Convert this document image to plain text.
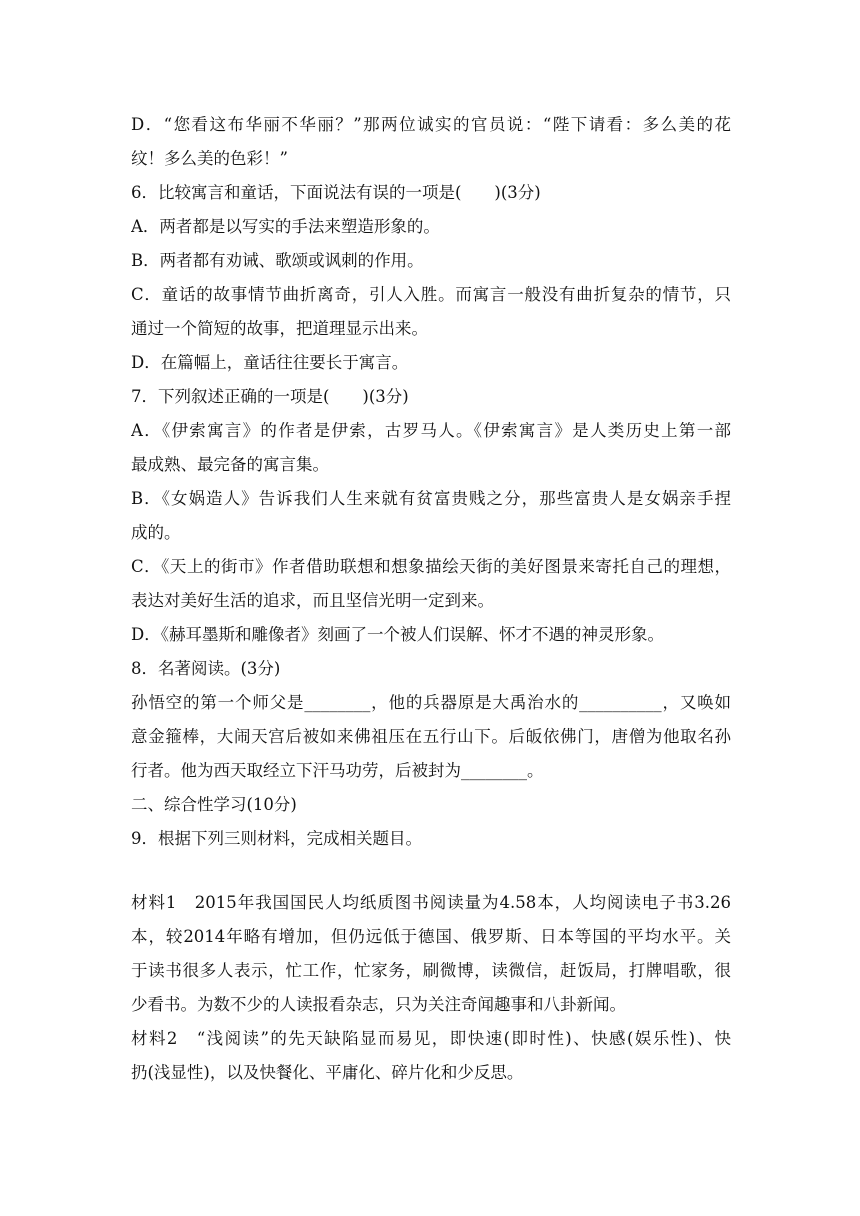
D．“您看这布华丽不华丽？”那两位诚实的官员说：“陛下请看：多么美的花
纹！多么美的色彩！”
6．比较寓言和童话，下面说法有误的一项是(　　)(3分)
A．两者都是以写实的手法来塑造形象的。
B．两者都有劝诫、歌颂或讽刺的作用。
C．童话的故事情节曲折离奇，引人入胜。而寓言一般没有曲折复杂的情节，只
通过一个简短的故事，把道理显示出来。
D．在篇幅上，童话往往要长于寓言。
7．下列叙述正确的一项是(　　)(3分)
A．《伊索寓言》的作者是伊索，古罗马人。《伊索寓言》是人类历史上第一部
最成熟、最完备的寓言集。
B．《女娲造人》告诉我们人生来就有贫富贵贱之分，那些富贵人是女娲亲手捏
成的。
C．《天上的街市》作者借助联想和想象描绘天街的美好图景来寄托自己的理想，
表达对美好生活的追求，而且坚信光明一定到来。
D．《赫耳墨斯和雕像者》刻画了一个被人们误解、怀才不遇的神灵形象。
8．名著阅读。(3分)
孙悟空的第一个师父是________，他的兵器原是大禹治水的__________，又唤如
意金箍棒，大闹天宫后被如来佛祖压在五行山下。后皈依佛门，唐僧为他取名孙
行者。他为西天取经立下汗马功劳，后被封为________。
二、综合性学习(10分)
9．根据下列三则材料，完成相关题目。
材料1　2015年我国国民人均纸质图书阅读量为4.58本，人均阅读电子书3.26
本，较2014年略有增加，但仍远低于德国、俄罗斯、日本等国的平均水平。关
于读书很多人表示，忙工作，忙家务，刷微博，读微信，赶饭局，打牌唱歌，很
少看书。为数不少的人读报看杂志，只为关注奇闻趣事和八卦新闻。
材料2　“浅阅读”的先天缺陷显而易见，即快速(即时性)、快感(娱乐性)、快
扔(浅显性)，以及快餐化、平庸化、碎片化和少反思。
